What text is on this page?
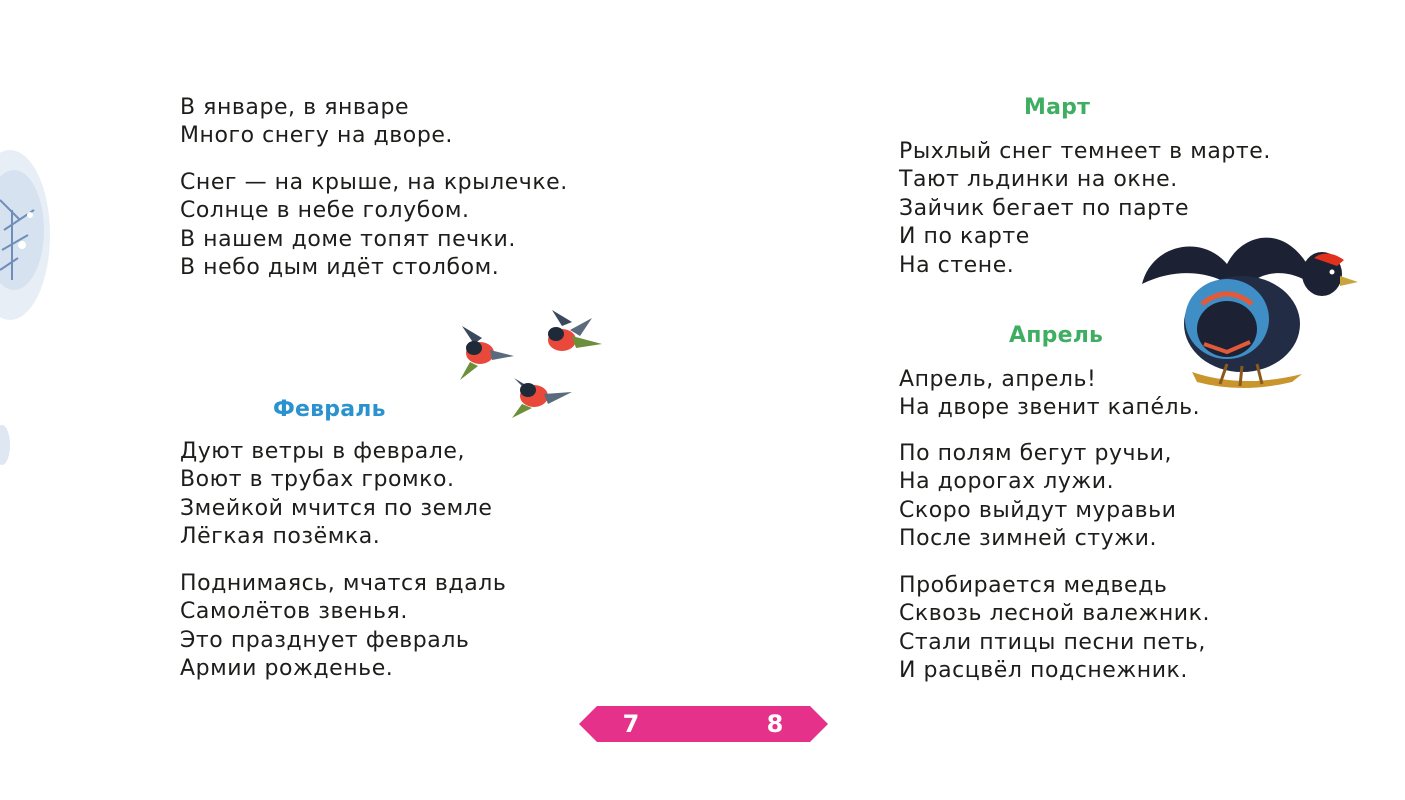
В январе, в январе
Много снегу на дворе.
Снег — на крыше, на крылечке.
Солнце в небе голубом.
В нашем доме топят печки.
В небо дым идёт столбом.
Февраль
Дуют ветры в феврале,
Воют в трубах громко.
Змейкой мчится по земле
Лёгкая позёмка.
Поднимаясь, мчатся вдаль
Самолётов звенья.
Это празднует февраль
Армии рожденье.
Март
Рыхлый снег темнеет в марте.
Тают льдинки на окне.
Зайчик бегает по парте
И по карте
На стене.
Апрель
Апрель, апрель!
На дворе звенит капе́ль.
По полям бегут ручьи,
На дорогах лужи.
Скоро выйдут муравьи
После зимней стужи.
Пробирается медведь
Сквозь лесной валежник.
Стали птицы песни петь,
И расцвёл подснежник.
7	8
